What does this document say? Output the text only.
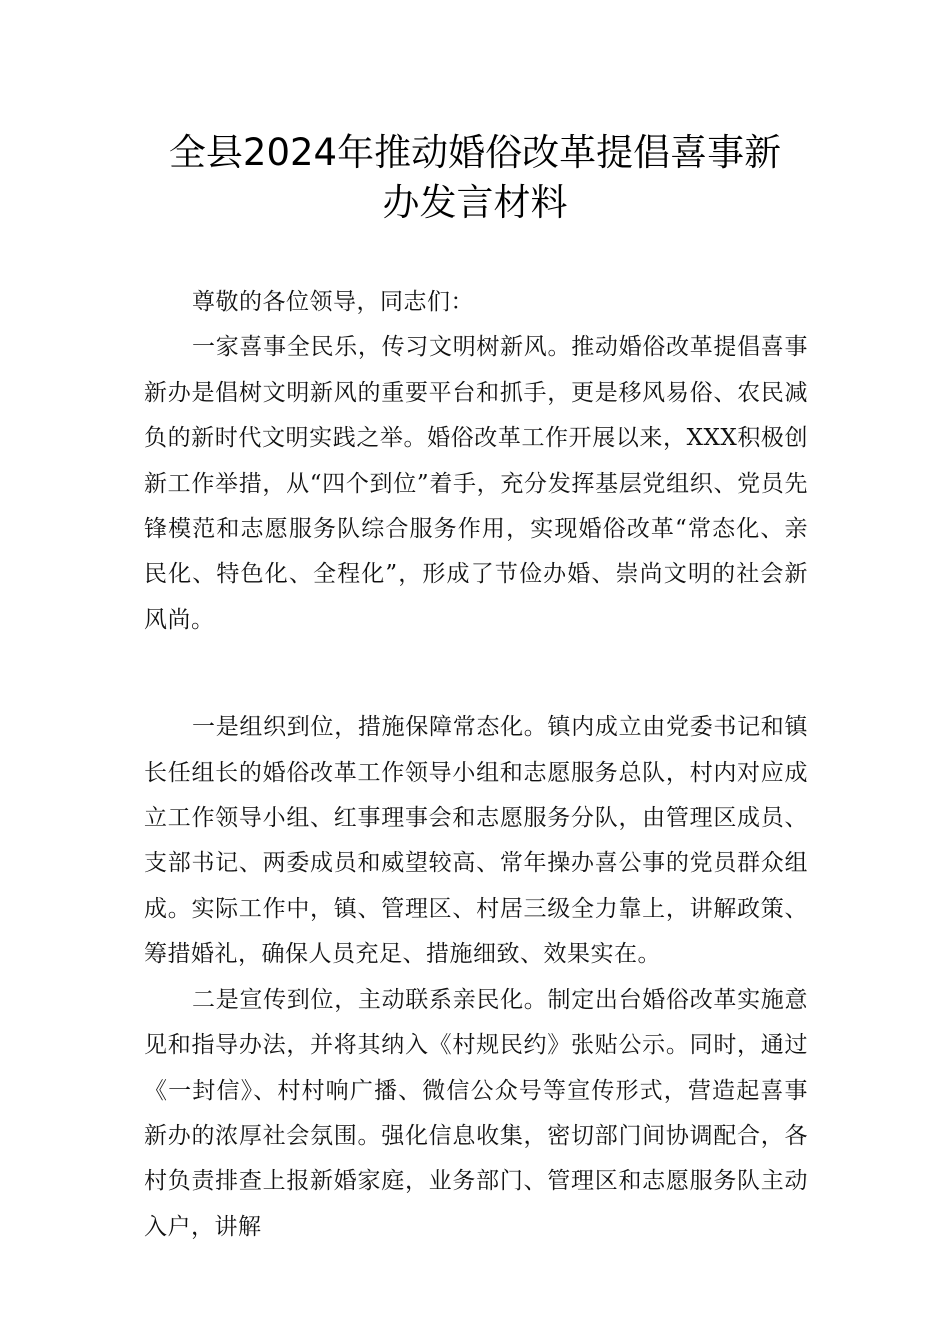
全县2024年推动婚俗改革提倡喜事新
办发言材料

尊敬的各位领导，同志们：

一家喜事全民乐，传习文明树新风。推动婚俗改革提倡喜事新办是倡树文明新风的重要平台和抓手，更是移风易俗、农民减负的新时代文明实践之举。婚俗改革工作开展以来，XXX积极创新工作举措，从“四个到位”着手，充分发挥基层党组织、党员先锋模范和志愿服务队综合服务作用，实现婚俗改革“常态化、亲民化、特色化、全程化”，形成了节俭办婚、崇尚文明的社会新风尚。

一是组织到位，措施保障常态化。镇内成立由党委书记和镇长任组长的婚俗改革工作领导小组和志愿服务总队，村内对应成立工作领导小组、红事理事会和志愿服务分队，由管理区成员、支部书记、两委成员和威望较高、常年操办喜公事的党员群众组成。实际工作中，镇、管理区、村居三级全力靠上，讲解政策、筹措婚礼，确保人员充足、措施细致、效果实在。

二是宣传到位，主动联系亲民化。制定出台婚俗改革实施意见和指导办法，并将其纳入《村规民约》张贴公示。同时，通过《一封信》、村村响广播、微信公众号等宣传形式，营造起喜事新办的浓厚社会氛围。强化信息收集，密切部门间协调配合，各村负责排查上报新婚家庭，业务部门、管理区和志愿服务队主动入户，讲解
